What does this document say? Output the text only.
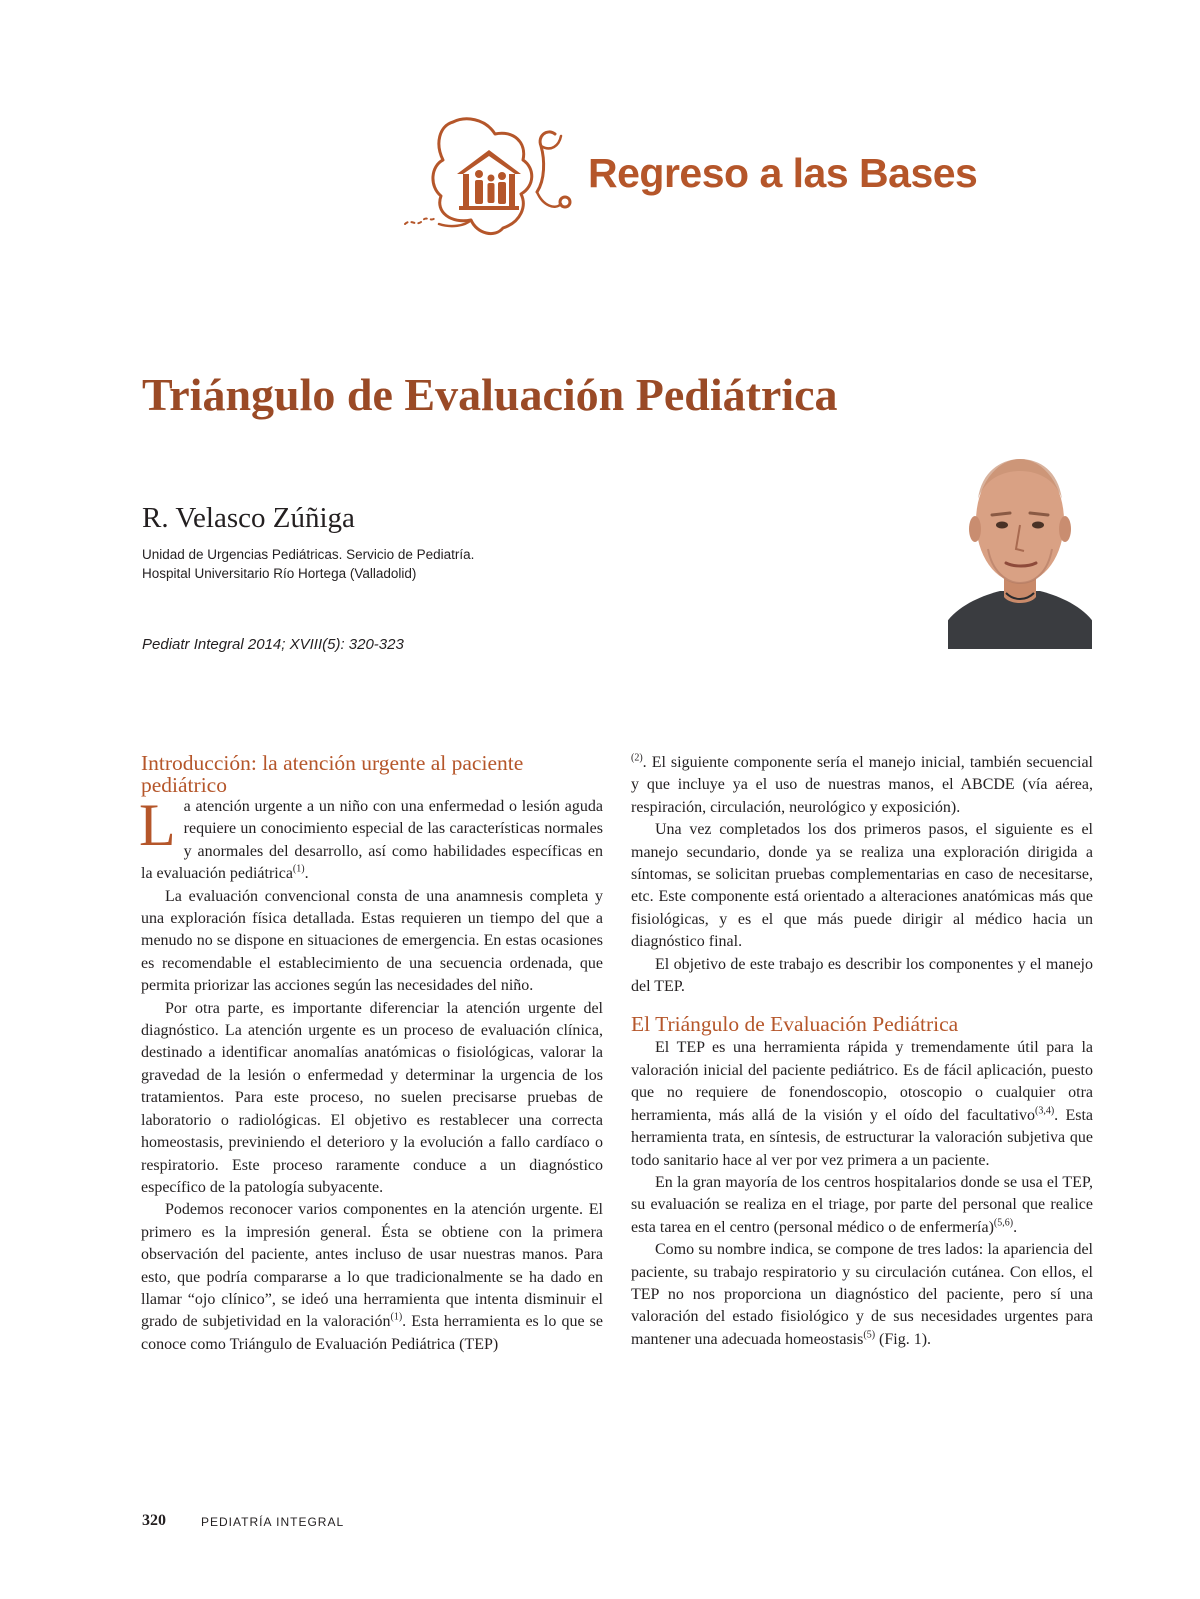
Regreso a las Bases
Triángulo de Evaluación Pediátrica
R. Velasco Zúñiga
Unidad de Urgencias Pediátricas. Servicio de Pediatría.
Hospital Universitario Río Hortega (Valladolid)
Pediatr Integral 2014; XVIII(5): 320-323
Introducción: la atención urgente al paciente pediátrico

La atención urgente a un niño con una enfermedad o lesión aguda requiere un conocimiento especial de las características normales y anormales del desarrollo, así como habilidades específicas en la evaluación pediátrica$^{(1)}$.

La evaluación convencional consta de una anamnesis completa y una exploración física detallada. Estas requieren un tiempo del que a menudo no se dispone en situaciones de emergencia. En estas ocasiones es recomendable el establecimiento de una secuencia ordenada, que permita priorizar las acciones según las necesidades del niño.

Por otra parte, es importante diferenciar la atención urgente del diagnóstico. La atención urgente es un proceso de evaluación clínica, destinado a identificar anomalías anatómicas o fisiológicas, valorar la gravedad de la lesión o enfermedad y determinar la urgencia de los tratamientos. Para este proceso, no suelen precisarse pruebas de laboratorio o radiológicas. El objetivo es restablecer una correcta homeostasis, previniendo el deterioro y la evolución a fallo cardíaco o respiratorio. Este proceso raramente conduce a un diagnóstico específico de la patología subyacente.

Podemos reconocer varios componentes en la atención urgente. El primero es la impresión general. Ésta se obtiene con la primera observación del paciente, antes incluso de usar nuestras manos. Para esto, que podría compararse a lo que tradicionalmente se ha dado en llamar “ojo clínico”, se ideó una herramienta que intenta disminuir el grado de subjetividad en la valoración$^{(1)}$. Esta herramienta es lo que se conoce como Triángulo de Evaluación Pediátrica (TEP)

$^{(2)}$. El siguiente componente sería el manejo inicial, también secuencial y que incluye ya el uso de nuestras manos, el ABCDE (vía aérea, respiración, circulación, neurológico y exposición).

Una vez completados los dos primeros pasos, el siguiente es el manejo secundario, donde ya se realiza una exploración dirigida a síntomas, se solicitan pruebas complementarias en caso de necesitarse, etc. Este componente está orientado a alteraciones anatómicas más que fisiológicas, y es el que más puede dirigir al médico hacia un diagnóstico final.

El objetivo de este trabajo es describir los componentes y el manejo del TEP.

El Triángulo de Evaluación Pediátrica

El TEP es una herramienta rápida y tremendamente útil para la valoración inicial del paciente pediátrico. Es de fácil aplicación, puesto que no requiere de fonendoscopio, otoscopio o cualquier otra herramienta, más allá de la visión y el oído del facultativo$^{(3,4)}$. Esta herramienta trata, en síntesis, de estructurar la valoración subjetiva que todo sanitario hace al ver por vez primera a un paciente.

En la gran mayoría de los centros hospitalarios donde se usa el TEP, su evaluación se realiza en el triage, por parte del personal que realice esta tarea en el centro (personal médico o de enfermería)$^{(5,6)}$.

Como su nombre indica, se compone de tres lados: la apariencia del paciente, su trabajo respiratorio y su circulación cutánea. Con ellos, el TEP no nos proporciona un diagnóstico del paciente, pero sí una valoración del estado fisiológico y de sus necesidades urgentes para mantener una adecuada homeostasis$^{(5)}$ (Fig. 1).

320	PEDIATRÍA INTEGRAL
